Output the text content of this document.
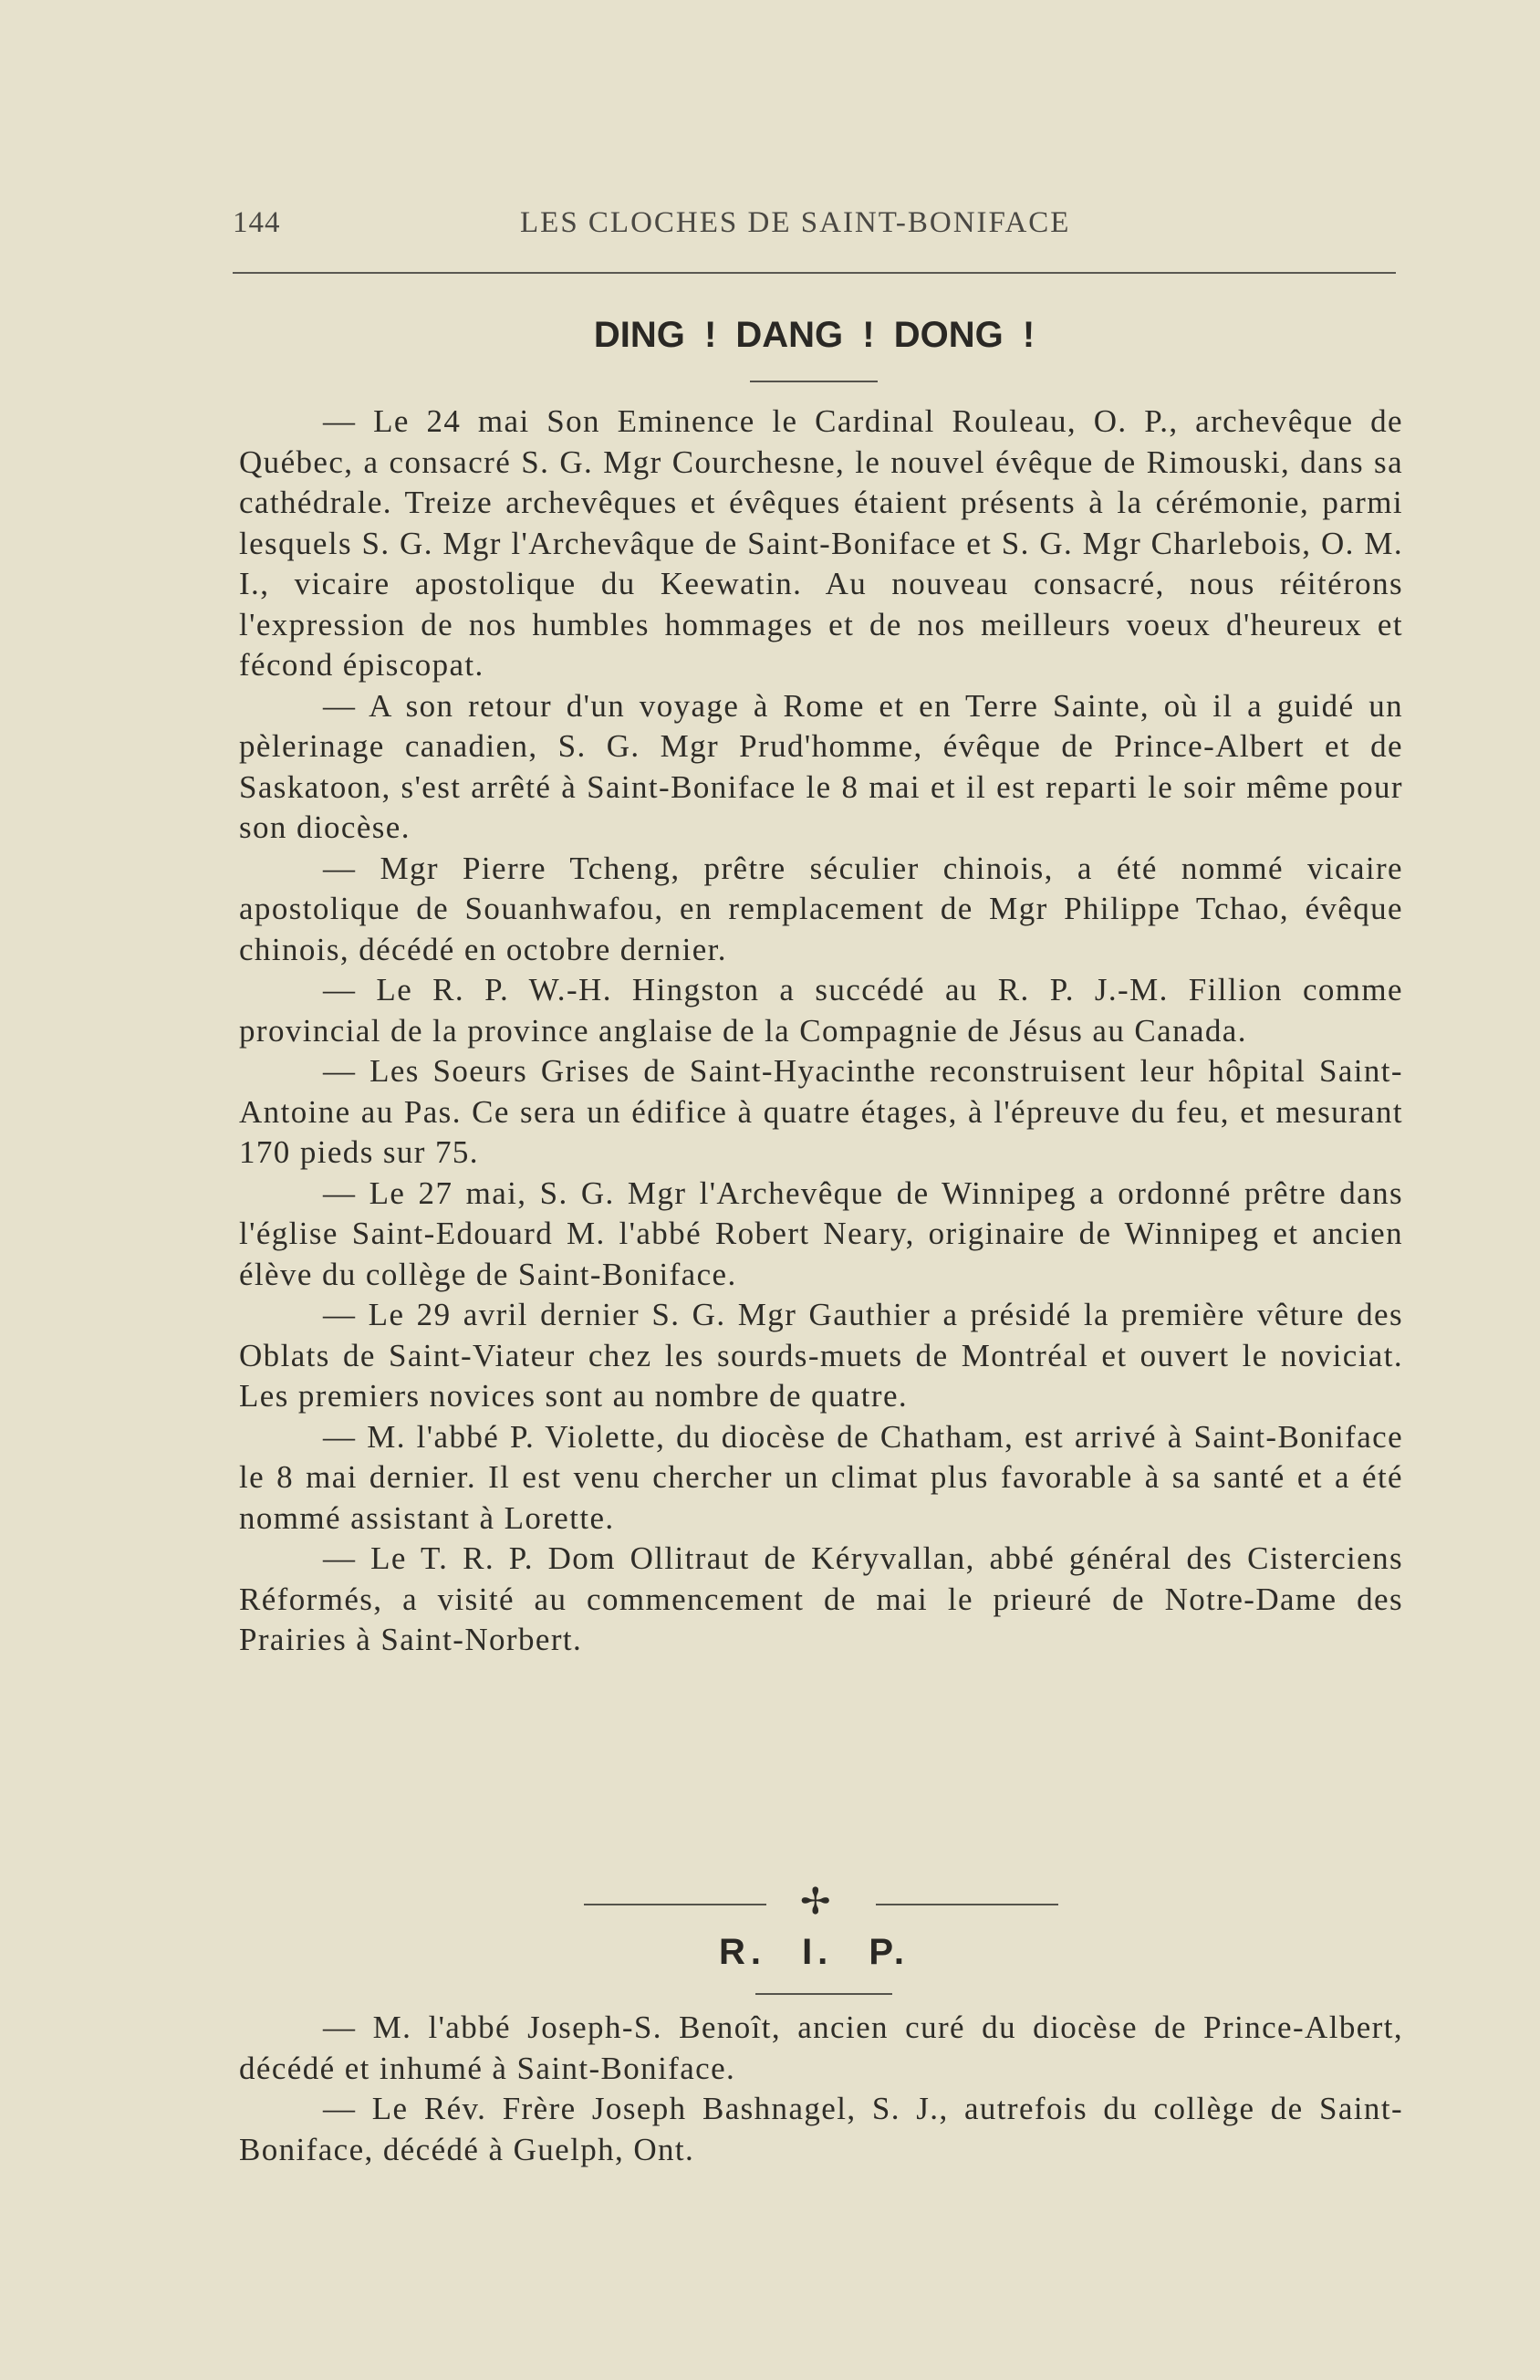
144	LES CLOCHES DE SAINT-BONIFACE
DING ! DANG ! DONG !

— Le 24 mai Son Eminence le Cardinal Rouleau, O. P., archevêque de Québec, a consacré S. G. Mgr Courchesne, le nouvel évêque de Rimouski, dans sa cathédrale. Treize archevêques et évêques étaient présents à la cérémonie, parmi lesquels S. G. Mgr l'Archevâque de Saint-Boniface et S. G. Mgr Charlebois, O. M. I., vicaire apostolique du Keewatin. Au nouveau consacré, nous réitérons l'expression de nos humbles hommages et de nos meilleurs voeux d'heureux et fécond épiscopat.

— A son retour d'un voyage à Rome et en Terre Sainte, où il a guidé un pèlerinage canadien, S. G. Mgr Prud'homme, évêque de Prince-Albert et de Saskatoon, s'est arrêté à Saint-Boniface le 8 mai et il est reparti le soir même pour son diocèse.

— Mgr Pierre Tcheng, prêtre séculier chinois, a été nommé vicaire apostolique de Souanhwafou, en remplacement de Mgr Philippe Tchao, évêque chinois, décédé en octobre dernier.

— Le R. P. W.-H. Hingston a succédé au R. P. J.-M. Fillion comme provincial de la province anglaise de la Compagnie de Jésus au Canada.

— Les Soeurs Grises de Saint-Hyacinthe reconstruisent leur hôpital Saint-Antoine au Pas. Ce sera un édifice à quatre étages, à l'épreuve du feu, et mesurant 170 pieds sur 75.

— Le 27 mai, S. G. Mgr l'Archevêque de Winnipeg a ordonné prêtre dans l'église Saint-Edouard M. l'abbé Robert Neary, originaire de Winnipeg et ancien élève du collège de Saint-Boniface.

— Le 29 avril dernier S. G. Mgr Gauthier a présidé la première vêture des Oblats de Saint-Viateur chez les sourds-muets de Montréal et ouvert le noviciat. Les premiers novices sont au nombre de quatre.

— M. l'abbé P. Violette, du diocèse de Chatham, est arrivé à Saint-Boniface le 8 mai dernier. Il est venu chercher un climat plus favorable à sa santé et a été nommé assistant à Lorette.

— Le T. R. P. Dom Ollitraut de Kéryvallan, abbé général des Cisterciens Réformés, a visité au commencement de mai le prieuré de Notre-Dame des Prairies à Saint-Norbert.

✢
R. I. P.

— M. l'abbé Joseph-S. Benoît, ancien curé du diocèse de Prince-Albert, décédé et inhumé à Saint-Boniface.

— Le Rév. Frère Joseph Bashnagel, S. J., autrefois du collège de Saint-Boniface, décédé à Guelph, Ont.
